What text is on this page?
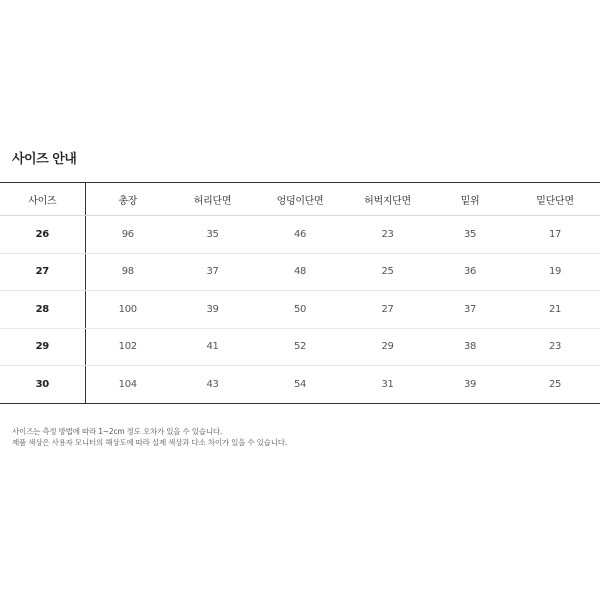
사이즈 안내
사이즈	총장	허리단면	엉덩이단면	허벅지단면	밑위	밑단단면
26	96	35	46	23	35	17
27	98	37	48	25	36	19
28	100	39	50	27	37	21
29	102	41	52	29	38	23
30	104	43	54	31	39	25
사이즈는 측정 방법에 따라 1~2cm 정도 오차가 있을 수 있습니다.
제품 색상은 사용자 모니터의 해상도에 따라 실제 색상과 다소 차이가 있을 수 있습니다.
